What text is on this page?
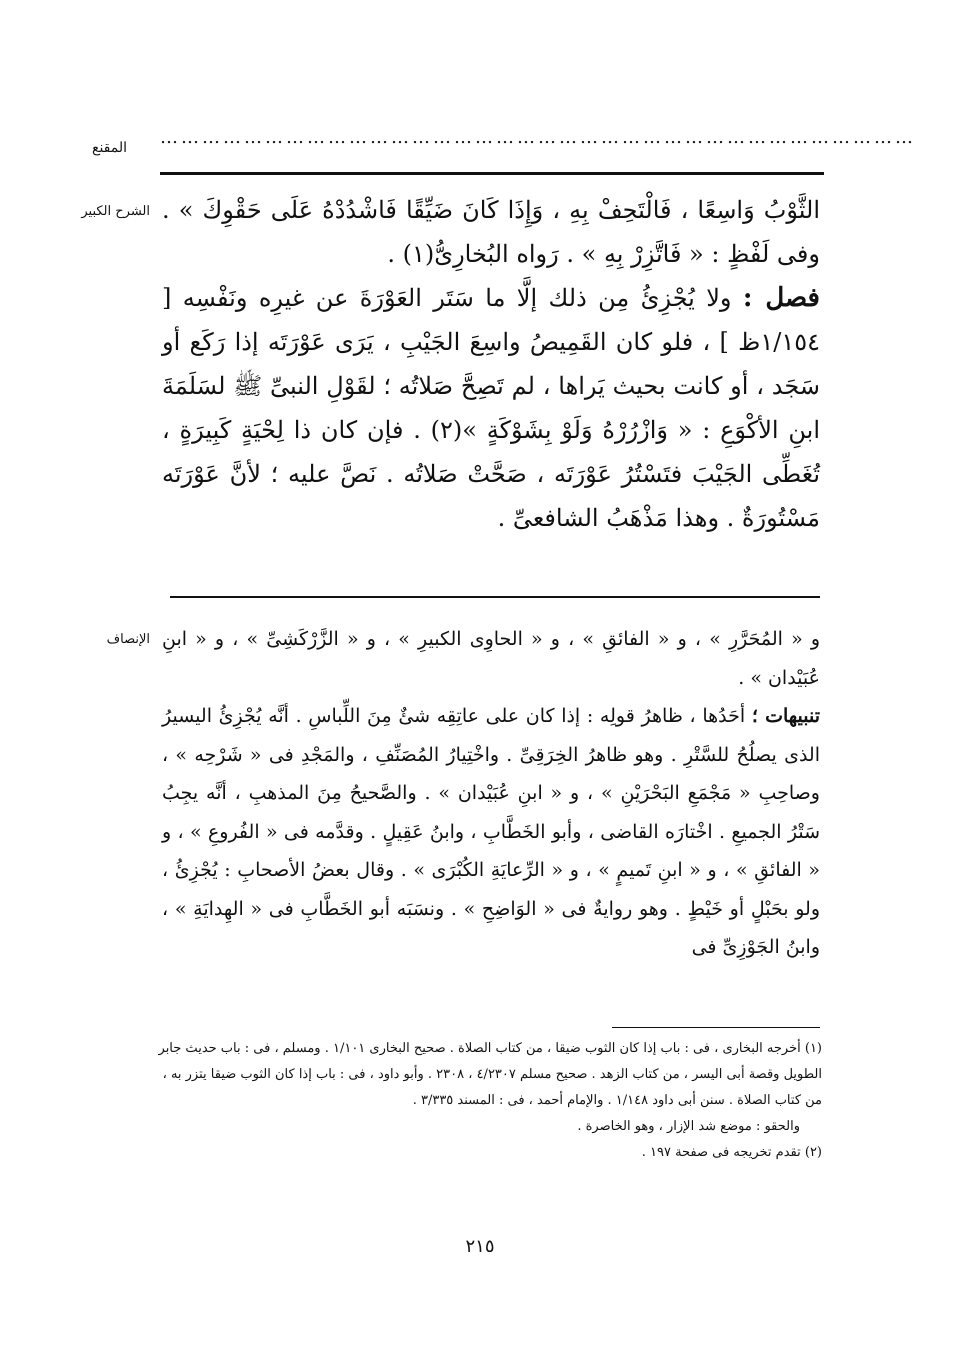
المقنع ………………………………………………………………………………………………
الشرح الكبير الثَّوْبُ وَاسِعًا ، فَالْتَحِفْ بِهِ ، وَإِذَا كَانَ ضَيِّقًا فَاشْدُدْهُ عَلَى حَقْوِكَ » . وفى لَفْظٍ : « فَاتَّزِرْ بِهِ » . رَواه البُخارِىُّ(١) .

فصل : ولا يُجْزِئُ مِن ذلك إلَّا ما سَتَر العَوْرَةَ عن غيرِه ونَفْسِه [ ١/١٥٤ظ ] ، فلو كان القَمِيصُ واسِعَ الجَيْبِ ، يَرَى عَوْرَتَه إذا رَكَع أو سَجَد ، أو كانت بحيث يَراها ، لم تَصِحَّ صَلاتُه ؛ لقَوْلِ النبىِّ ﷺ لسَلَمَةَ ابنِ الأكْوَعِ : « وَازْرُرْهُ وَلَوْ بِشَوْكَةٍ »(٢) . فإن كان ذا لِحْيَةٍ كَبِيرَةٍ ، تُغَطِّى الجَيْبَ فتَسْتُرُ عَوْرَتَه ، صَحَّتْ صَلاتُه . نَصَّ عليه ؛ لأنَّ عَوْرَتَه مَسْتُورَةٌ . وهذا مَذْهَبُ الشافعىِّ .

الإنصاف و « المُحَرَّرِ » ، و « الفائقِ » ، و « الحاوِى الكبيرِ » ، و « الزَّرْكَشِىِّ » ، و « ابنِ عُبَيْدان » .

تنبيهات ؛ أحَدُها ، ظاهرُ قولِه : إذا كان على عاتِقِه شئٌ مِنَ اللِّباسِ . أنَّه يُجْزِئُ اليسيرُ الذى يصلُحُ للسَّتْرِ . وهو ظاهرُ الخِرَقِىِّ . واخْتِيارُ المُصَنِّفِ ، والمَجْدِ فى « شَرْحِه » ، وصاحِبِ « مَجْمَعِ البَحْرَيْنِ » ، و « ابنِ عُبَيْدان » . والصَّحيحُ مِنَ المذهبِ ، أنَّه يجِبُ سَتْرُ الجميعِ . اخْتارَه القاضى ، وأبو الخَطَّابِ ، وابنُ عَقِيلٍ . وقدَّمه فى « الفُروعِ » ، و « الفائقِ » ، و « ابنِ تَميمٍ » ، و « الرِّعايَةِ الكُبْرَى » . وقال بعضُ الأصحابِ : يُجْزِئُ ، ولو بحَبْلٍ أو خَيْطٍ . وهو روايةٌ فى « الوَاضِحِ » . ونسَبَه أبو الخَطَّابِ فى « الهِدايَةِ » ، وابنُ الجَوْزِىِّ فى

(١) أخرجه البخارى ، فى : باب إذا كان الثوب ضيقا ، من كتاب الصلاة . صحيح البخارى ١/١٠١ . ومسلم ، فى : باب حديث جابر الطويل وقصة أبى اليسر ، من كتاب الزهد . صحيح مسلم ٤/٢٣٠٧ ، ٢٣٠٨ . وأبو داود ، فى : باب إذا كان الثوب ضيقا يتزر به ، من كتاب الصلاة . سنن أبى داود ١/١٤٨ . والإمام أحمد ، فى : المسند ٣/٣٣٥ .

والحقو : موضع شد الإزار ، وهو الخاصرة .

(٢) تقدم تخريجه فى صفحة ١٩٧ .

٢١٥
